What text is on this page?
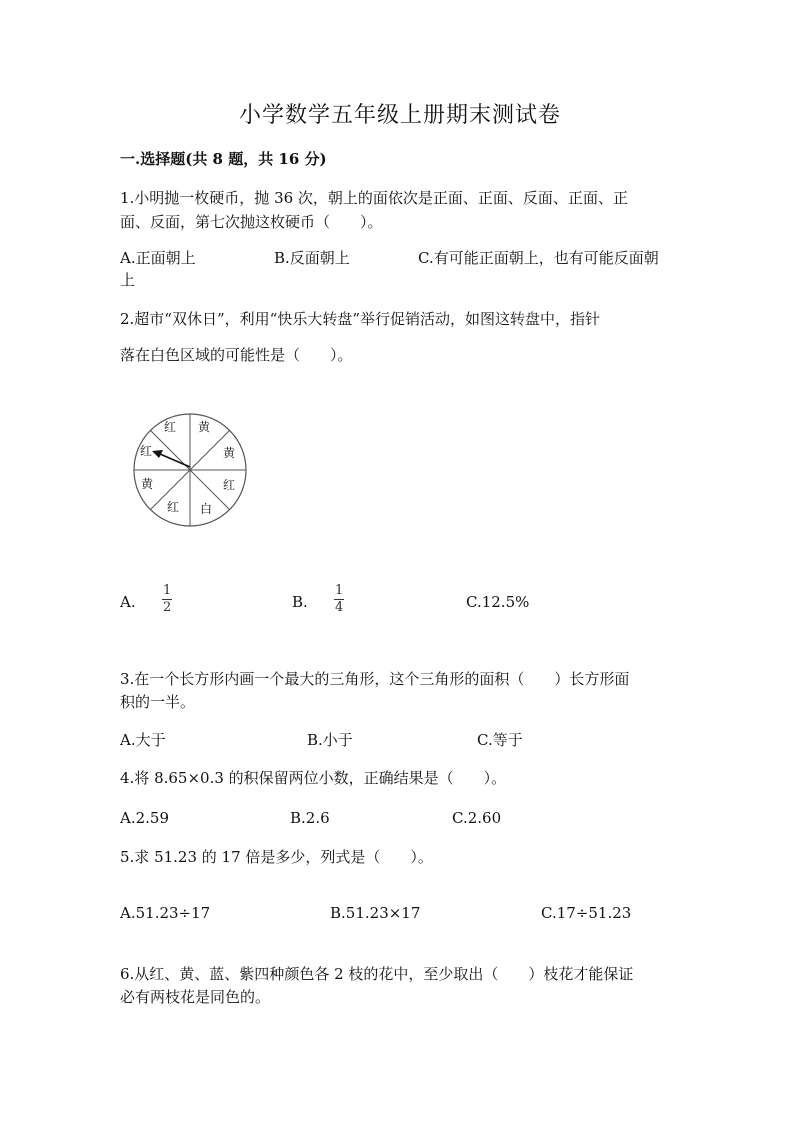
小学数学五年级上册期末测试卷
一.选择题(共 8 题，共 16 分)
1.小明抛一枚硬币，抛 36 次，朝上的面依次是正面、正面、反面、正面、正
面、反面，第七次抛这枚硬币（　　）。
A.正面朝上	B.反面朝上	C.有可能正面朝上，也有可能反面朝
上
2.超市“双休日”，利用“快乐大转盘”举行促销活动，如图这转盘中，指针
落在白色区域的可能性是（　　）。
黄
黄
红
白
红
黄
红
红
A. $\frac{1}{2}$	B. $\frac{1}{4}$	C.12.5%
3.在一个长方形内画一个最大的三角形，这个三角形的面积（　　）长方形面
积的一半。
A.大于	B.小于	C.等于
4.将 8.65×0.3 的积保留两位小数，正确结果是（　　）。
A.2.59	B.2.6	C.2.60
5.求 51.23 的 17 倍是多少，列式是（　　）。
A.51.23÷17	B.51.23×17	C.17÷51.23
6.从红、黄、蓝、紫四种颜色各 2 枝的花中，至少取出（　　）枝花才能保证
必有两枝花是同色的。
